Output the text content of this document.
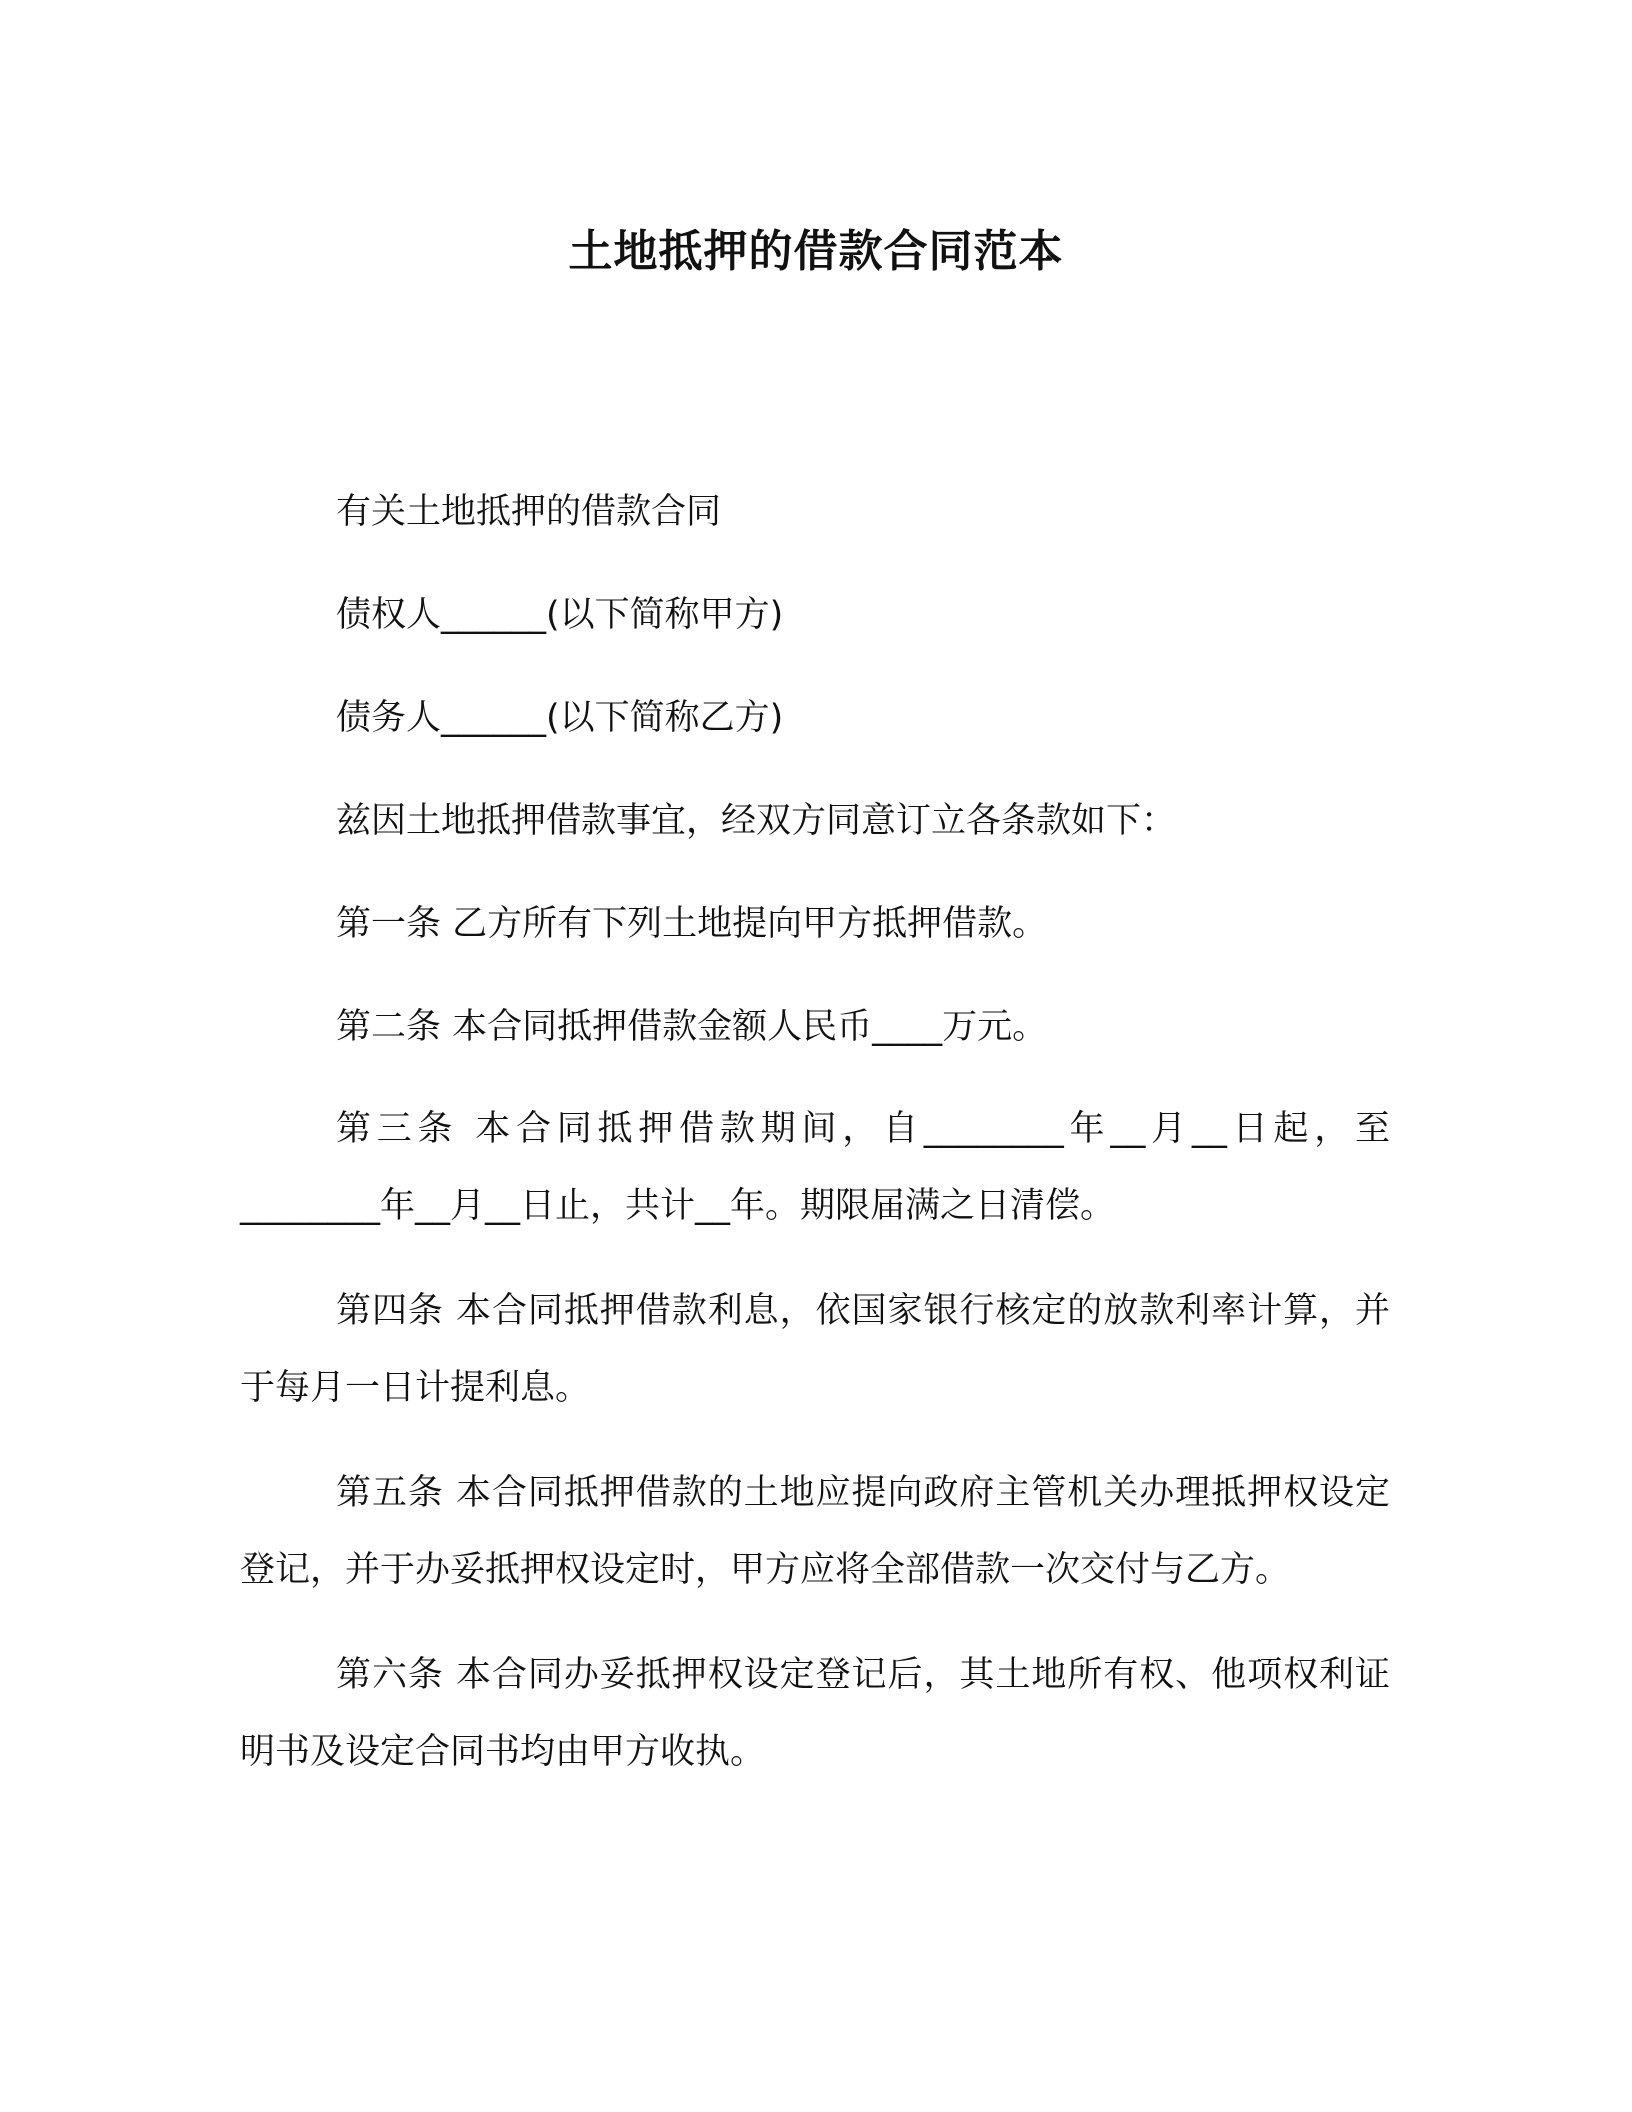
土地抵押的借款合同范本

有关土地抵押的借款合同

债权人______(以下简称甲方)

债务人______(以下简称乙方)

兹因土地抵押借款事宜，经双方同意订立各条款如下：

第一条 乙方所有下列土地提向甲方抵押借款。

第二条 本合同抵押借款金额人民币____万元。

第三条 本合同抵押借款期间，自________年__月__日起，至________年__月__日止，共计__年。期限届满之日清偿。

第四条 本合同抵押借款利息，依国家银行核定的放款利率计算，并于每月一日计提利息。

第五条 本合同抵押借款的土地应提向政府主管机关办理抵押权设定登记，并于办妥抵押权设定时，甲方应将全部借款一次交付与乙方。

第六条 本合同办妥抵押权设定登记后，其土地所有权、他项权利证明书及设定合同书均由甲方收执。
